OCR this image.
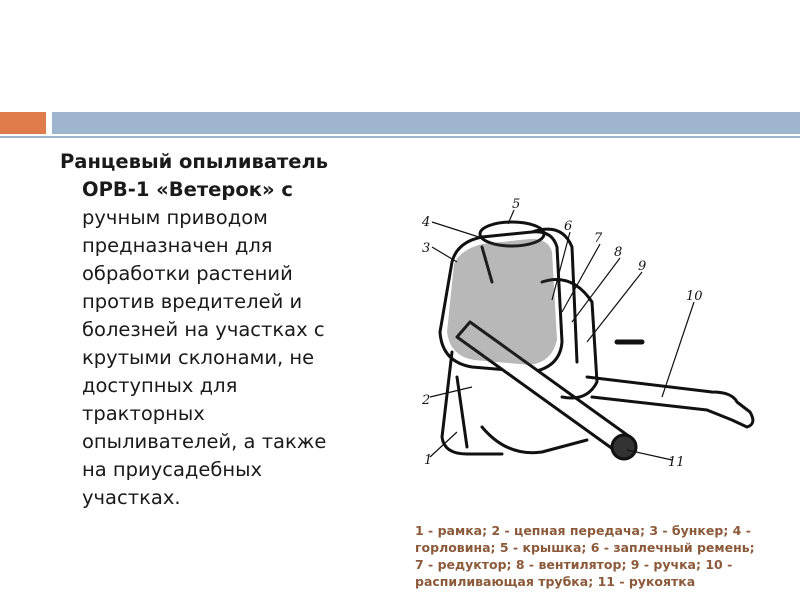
Ранцевый опыливатель
ОРВ-1 «Ветерок» с
ручным приводом
предназначен для
обработки растений
против вредителей и
болезней на участках с
крутыми склонами, не
доступных для
тракторных
опыливателей, а также
на приусадебных
участках.
1
2
3
4
5
6
7
8
9
10
11
1 - рамка; 2 - цепная передача; 3 - бункер; 4 -
горловина; 5 - крышка; 6 - заплечный ремень;
7 - редуктор; 8 - вентилятор; 9 - ручка; 10 -
распиливающая трубка; 11 - рукоятка
